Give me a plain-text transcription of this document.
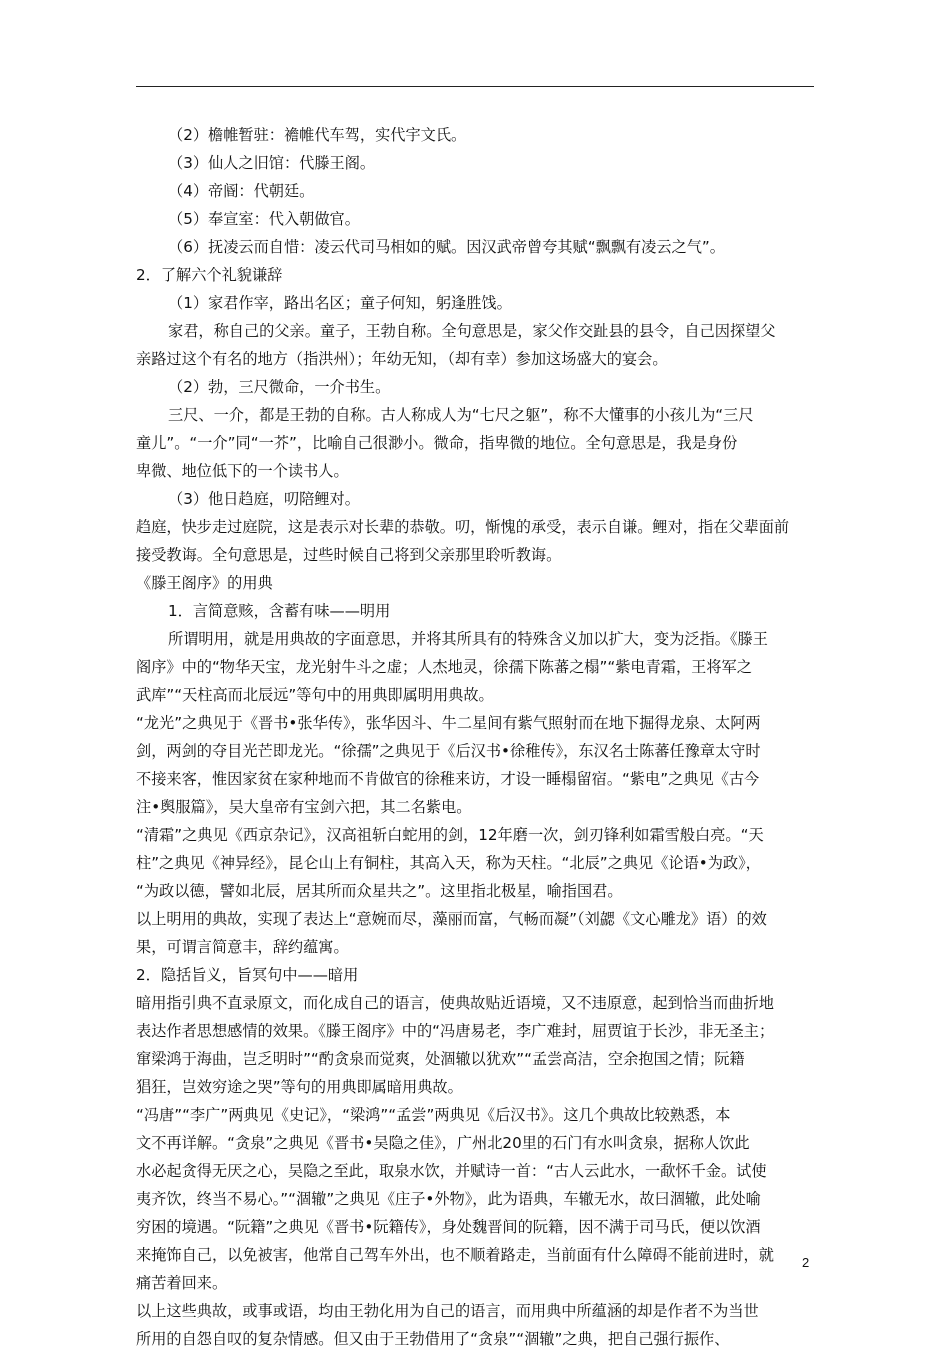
（2）檐帷暂驻：襜帷代车驾，实代宇文氏。
（3）仙人之旧馆：代滕王阁。
（4）帝阍：代朝廷。
（5）奉宣室：代入朝做官。
（6）抚凌云而自惜：凌云代司马相如的赋。因汉武帝曾夸其赋“飘飘有凌云之气”。
2．了解六个礼貌谦辞
（1）家君作宰，路出名区；童子何知，躬逢胜饯。
家君，称自己的父亲。童子，王勃自称。全句意思是，家父作交趾县的县令，自己因探望父
亲路过这个有名的地方（指洪州）；年幼无知，（却有幸）参加这场盛大的宴会。
（2）勃，三尺微命，一介书生。
三尺、一介，都是王勃的自称。古人称成人为“七尺之躯”，称不大懂事的小孩儿为“三尺
童儿”。“一介”同“一芥”，比喻自己很渺小。微命，指卑微的地位。全句意思是，我是身份
卑微、地位低下的一个读书人。
（3）他日趋庭，叨陪鲤对。
趋庭，快步走过庭院，这是表示对长辈的恭敬。叨，惭愧的承受，表示自谦。鲤对，指在父辈面前
接受教诲。全句意思是，过些时候自己将到父亲那里聆听教诲。
《滕王阁序》的用典
1．言简意赅，含蓄有味——明用
所谓明用，就是用典故的字面意思，并将其所具有的特殊含义加以扩大，变为泛指。《滕王
阁序》中的“物华天宝，龙光射牛斗之虚；人杰地灵，徐孺下陈蕃之榻”“紫电青霜，王将军之
武库”“天柱高而北辰远”等句中的用典即属明用典故。
“龙光”之典见于《晋书•张华传》，张华因斗、牛二星间有紫气照射而在地下掘得龙泉、太阿两
剑，两剑的夺目光芒即龙光。“徐孺”之典见于《后汉书•徐稚传》，东汉名士陈蕃任豫章太守时
不接来客，惟因家贫在家种地而不肯做官的徐稚来访，才设一睡榻留宿。“紫电”之典见《古今
注•舆服篇》，吴大皇帝有宝剑六把，其二名紫电。
“清霜”之典见《西京杂记》，汉高祖斩白蛇用的剑，12年磨一次，剑刃锋利如霜雪般白亮。“天
柱”之典见《神异经》，昆仑山上有铜柱，其高入天，称为天柱。“北辰”之典见《论语•为政》，
“为政以德，譬如北辰，居其所而众星共之”。这里指北极星，喻指国君。
以上明用的典故，实现了表达上“意婉而尽，藻丽而富，气畅而凝”（刘勰《文心雕龙》语）的效
果，可谓言简意丰，辞约蕴寓。
2．隐括旨义，旨冥句中——暗用
暗用指引典不直录原文，而化成自己的语言，使典故贴近语境，又不违原意，起到恰当而曲折地
表达作者思想感情的效果。《滕王阁序》中的“冯唐易老，李广难封，屈贾谊于长沙，非无圣主；
窜梁鸿于海曲，岂乏明时”“酌贪泉而觉爽，处涸辙以犹欢”“孟尝高洁，空余抱国之情；阮籍
猖狂，岂效穷途之哭”等句的用典即属暗用典故。
“冯唐”“李广”两典见《史记》，“梁鸿”“孟尝”两典见《后汉书》。这几个典故比较熟悉，本
文不再详解。“贪泉”之典见《晋书•吴隐之佳》，广州北20里的石门有水叫贪泉，据称人饮此
水必起贪得无厌之心，吴隐之至此，取泉水饮，并赋诗一首：“古人云此水，一歃怀千金。试使
夷齐饮，终当不易心。”“涸辙”之典见《庄子•外物》，此为语典，车辙无水，故曰涸辙，此处喻
穷困的境遇。“阮籍”之典见《晋书•阮籍传》，身处魏晋间的阮籍，因不满于司马氏，便以饮酒
来掩饰自己，以免被害，他常自己驾车外出，也不顺着路走，当前面有什么障碍不能前进时，就
痛苦着回来。
以上这些典故，或事或语，均由王勃化用为自己的语言，而用典中所蕴涵的却是作者不为当世
所用的自怨自叹的复杂情感。但又由于王勃借用了“贪泉”“涸辙”之典，把自己强行振作、
2
